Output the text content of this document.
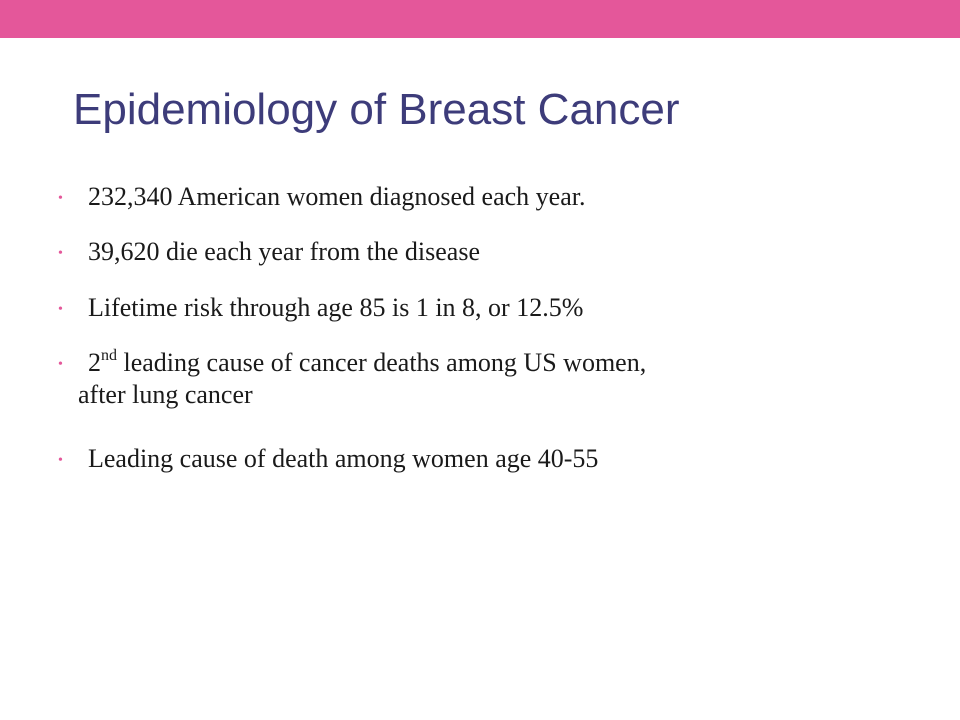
Epidemiology of Breast Cancer
• 232,340 American women diagnosed each year.
• 39,620 die each year from the disease
• Lifetime risk through age 85 is 1 in 8, or 12.5%
• 2nd leading cause of cancer deaths among US women,
after lung cancer
• Leading cause of death among women age 40-55
